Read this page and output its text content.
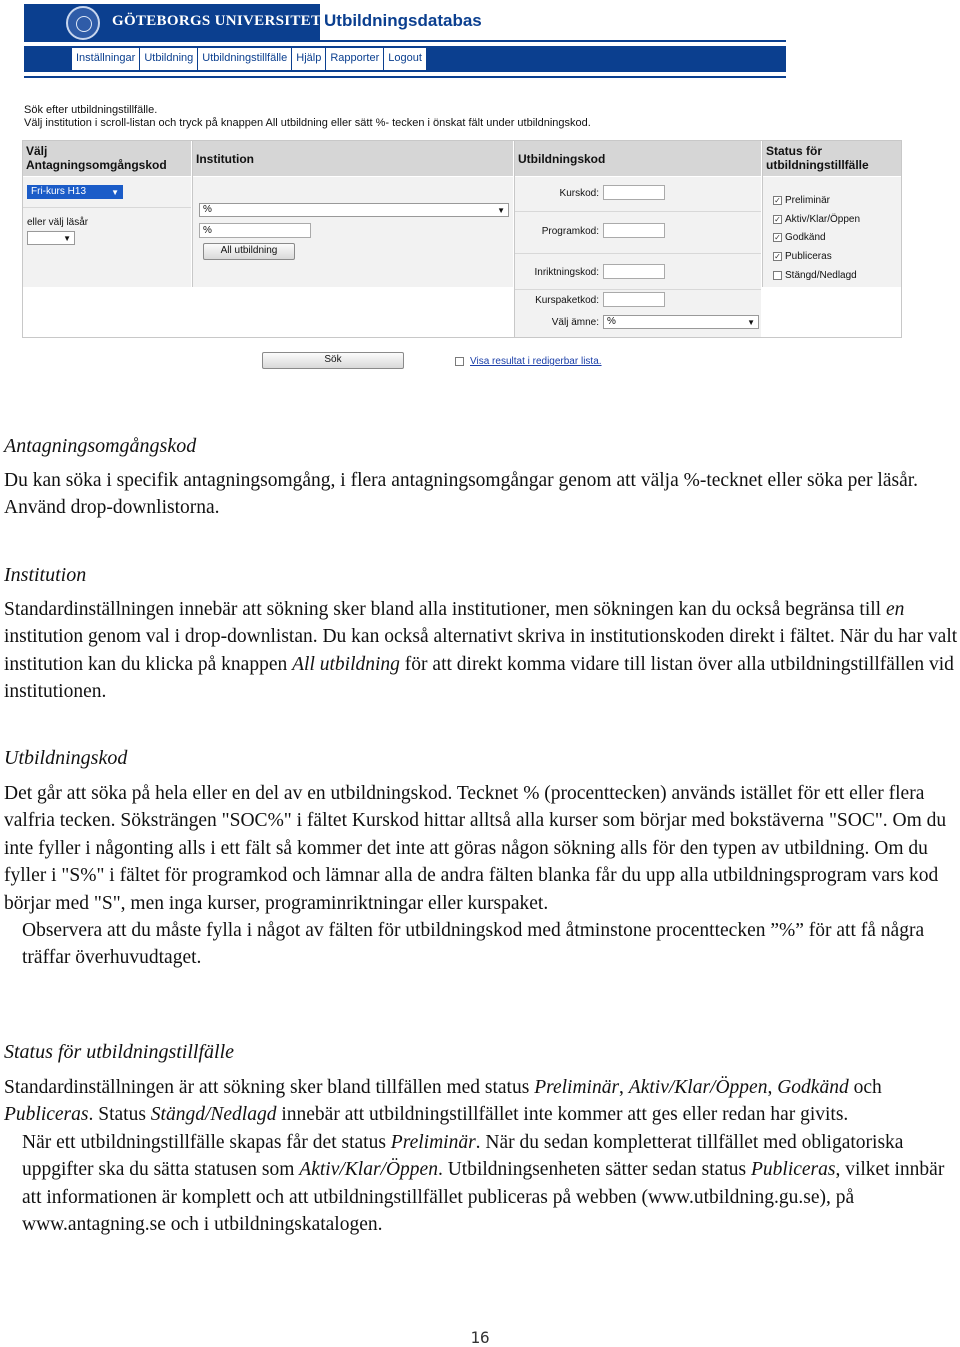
GÖTEBORGS UNIVERSITET Utbildningsdatabas
Inställningar Utbildning Utbildningstillfälle Hjälp Rapporter Logout
Sök efter utbildningstillfälle.
Välj institution i scroll-listan och tryck på knappen All utbildning eller sätt %- tecken i önskat fält under utbildningskod.
Välj
Antagningsomgångskod
Fri-kurs H13	▼
eller välj läsår
▼
Institution
%	▼
%
All utbildning
Utbildningskod
Kurskod:
Programkod:
Inriktningskod:
Kurspaketkod:
Välj ämne: %	▼
Status för
utbildningstillfälle
✓ Preliminär
✓ Aktiv/Klar/Öppen
✓ Godkänd
✓ Publiceras
Stängd/Nedlagd
Sök	Visa resultat i redigerbar lista.
Antagningsomgångskod

Du kan söka i specifik antagningsomgång, i flera antagningsomgångar genom att välja %-tecknet eller söka per läsår. Använd drop-downlistorna.

Institution

Standardinställningen innebär att sökning sker bland alla institutioner, men sökningen kan du också begränsa till en institution genom val i drop-downlistan. Du kan också alternativt skriva in institutionskoden direkt i fältet. När du har valt institution kan du klicka på knappen All utbildning för att direkt komma vidare till listan över alla utbildningstillfällen vid institutionen.

Utbildningskod

Det går att söka på hela eller en del av en utbildningskod. Tecknet % (procenttecken) används istället för ett eller flera valfria tecken. Söksträngen "SOC%" i fältet Kurskod hittar alltså alla kurser som börjar med bokstäverna "SOC". Om du inte fyller i någonting alls i ett fält så kommer det inte att göras någon sökning alls för den typen av utbildning. Om du fyller i "S%" i fältet för programkod och lämnar alla de andra fälten blanka får du upp alla utbildningsprogram vars kod börjar med "S", men inga kurser, programinriktningar eller kurspaket.

Observera att du måste fylla i något av fälten för utbildningskod med åtminstone procenttecken ”%” för att få några träffar överhuvudtaget.

Status för utbildningstillfälle

Standardinställningen är att sökning sker bland tillfällen med status Preliminär, Aktiv/Klar/Öppen, Godkänd och Publiceras. Status Stängd/Nedlagd innebär att utbildningstillfället inte kommer att ges eller redan har givits.

När ett utbildningstillfälle skapas får det status Preliminär. När du sedan kompletterat tillfället med obligatoriska uppgifter ska du sätta statusen som Aktiv/Klar/Öppen. Utbildningsenheten sätter sedan status Publiceras, vilket innbär att informationen är komplett och att utbildningstillfället publiceras på webben (www.utbildning.gu.se), på www.antagning.se och i utbildningskatalogen.

16
